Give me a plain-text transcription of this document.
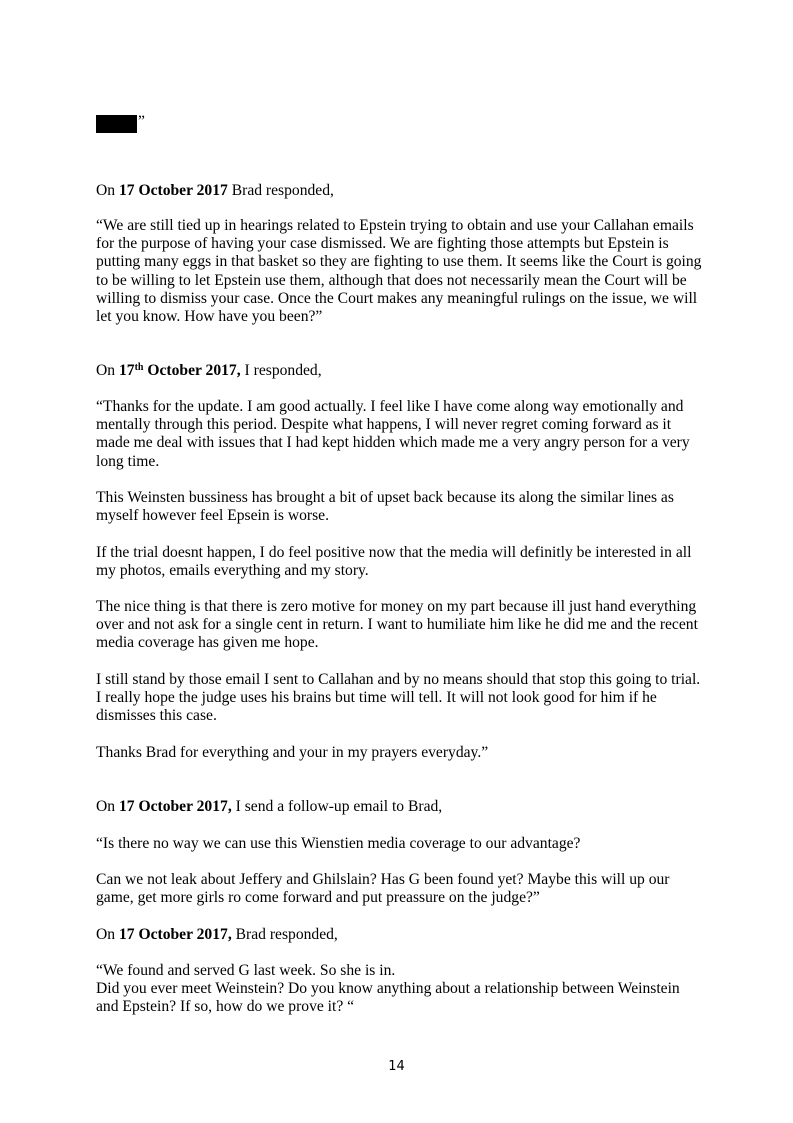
”

On 17 October 2017 Brad responded,

“We are still tied up in hearings related to Epstein trying to obtain and use your Callahan emails for the purpose of having your case dismissed. We are fighting those attempts but Epstein is putting many eggs in that basket so they are fighting to use them. It seems like the Court is going to be willing to let Epstein use them, although that does not necessarily mean the Court will be willing to dismiss your case. Once the Court makes any meaningful rulings on the issue, we will let you know. How have you been?”

On 17th October 2017, I responded,

“Thanks for the update. I am good actually. I feel like I have come along way emotionally and mentally through this period. Despite what happens, I will never regret coming forward as it made me deal with issues that I had kept hidden which made me a very angry person for a very long time.

This Weinsten bussiness has brought a bit of upset back because its along the similar lines as myself however feel Epsein is worse.

If the trial doesnt happen, I do feel positive now that the media will definitly be interested in all my photos, emails everything and my story.

The nice thing is that there is zero motive for money on my part because ill just hand everything over and not ask for a single cent in return. I want to humiliate him like he did me and the recent media coverage has given me hope.

I still stand by those email I sent to Callahan and by no means should that stop this going to trial. I really hope the judge uses his brains but time will tell. It will not look good for him if he dismisses this case.

Thanks Brad for everything and your in my prayers everyday.”

On 17 October 2017, I send a follow-up email to Brad,

“Is there no way we can use this Wienstien media coverage to our advantage?

Can we not leak about Jeffery and Ghilslain? Has G been found yet? Maybe this will up our game, get more girls ro come forward and put preassure on the judge?”

On 17 October 2017, Brad responded,

“We found and served G last week. So she is in.
Did you ever meet Weinstein? Do you know anything about a relationship between Weinstein and Epstein? If so, how do we prove it? “

14
